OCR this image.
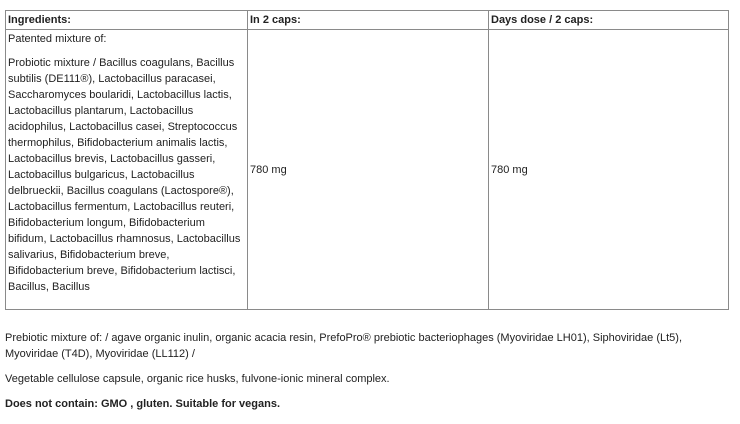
Ingredients:	In 2 caps:	Days dose / 2 caps:

Patented mixture of:

Probiotic mixture / Bacillus coagulans, Bacillus subtilis (DE111®), Lactobacillus paracasei, Saccharomyces boularidi, Lactobacillus lactis, Lactobacillus plantarum, Lactobacillus acidophilus, Lactobacillus casei, Streptococcus thermophilus, Bifidobacterium animalis lactis, Lactobacillus brevis, Lactobacillus gasseri, Lactobacillus bulgaricus, Lactobacillus delbrueckii, Bacillus coagulans (Lactospore®), Lactobacillus fermentum, Lactobacillus reuteri, Bifidobacterium longum, Bifidobacterium bifidum, Lactobacillus rhamnosus, Lactobacillus salivarius, Bifidobacterium breve, Bifidobacterium breve, Bifidobacterium lactisci, Bacillus, Bacillus	780 mg	780 mg

Prebiotic mixture of: / agave organic inulin, organic acacia resin, PrefoPro® prebiotic bacteriophages (Myoviridae LH01), Siphoviridae (Lt5), Myoviridae (T4D), Myoviridae (LL112) /

Vegetable cellulose capsule, organic rice husks, fulvone-ionic mineral complex.

Does not contain: GMO , gluten. Suitable for vegans.
